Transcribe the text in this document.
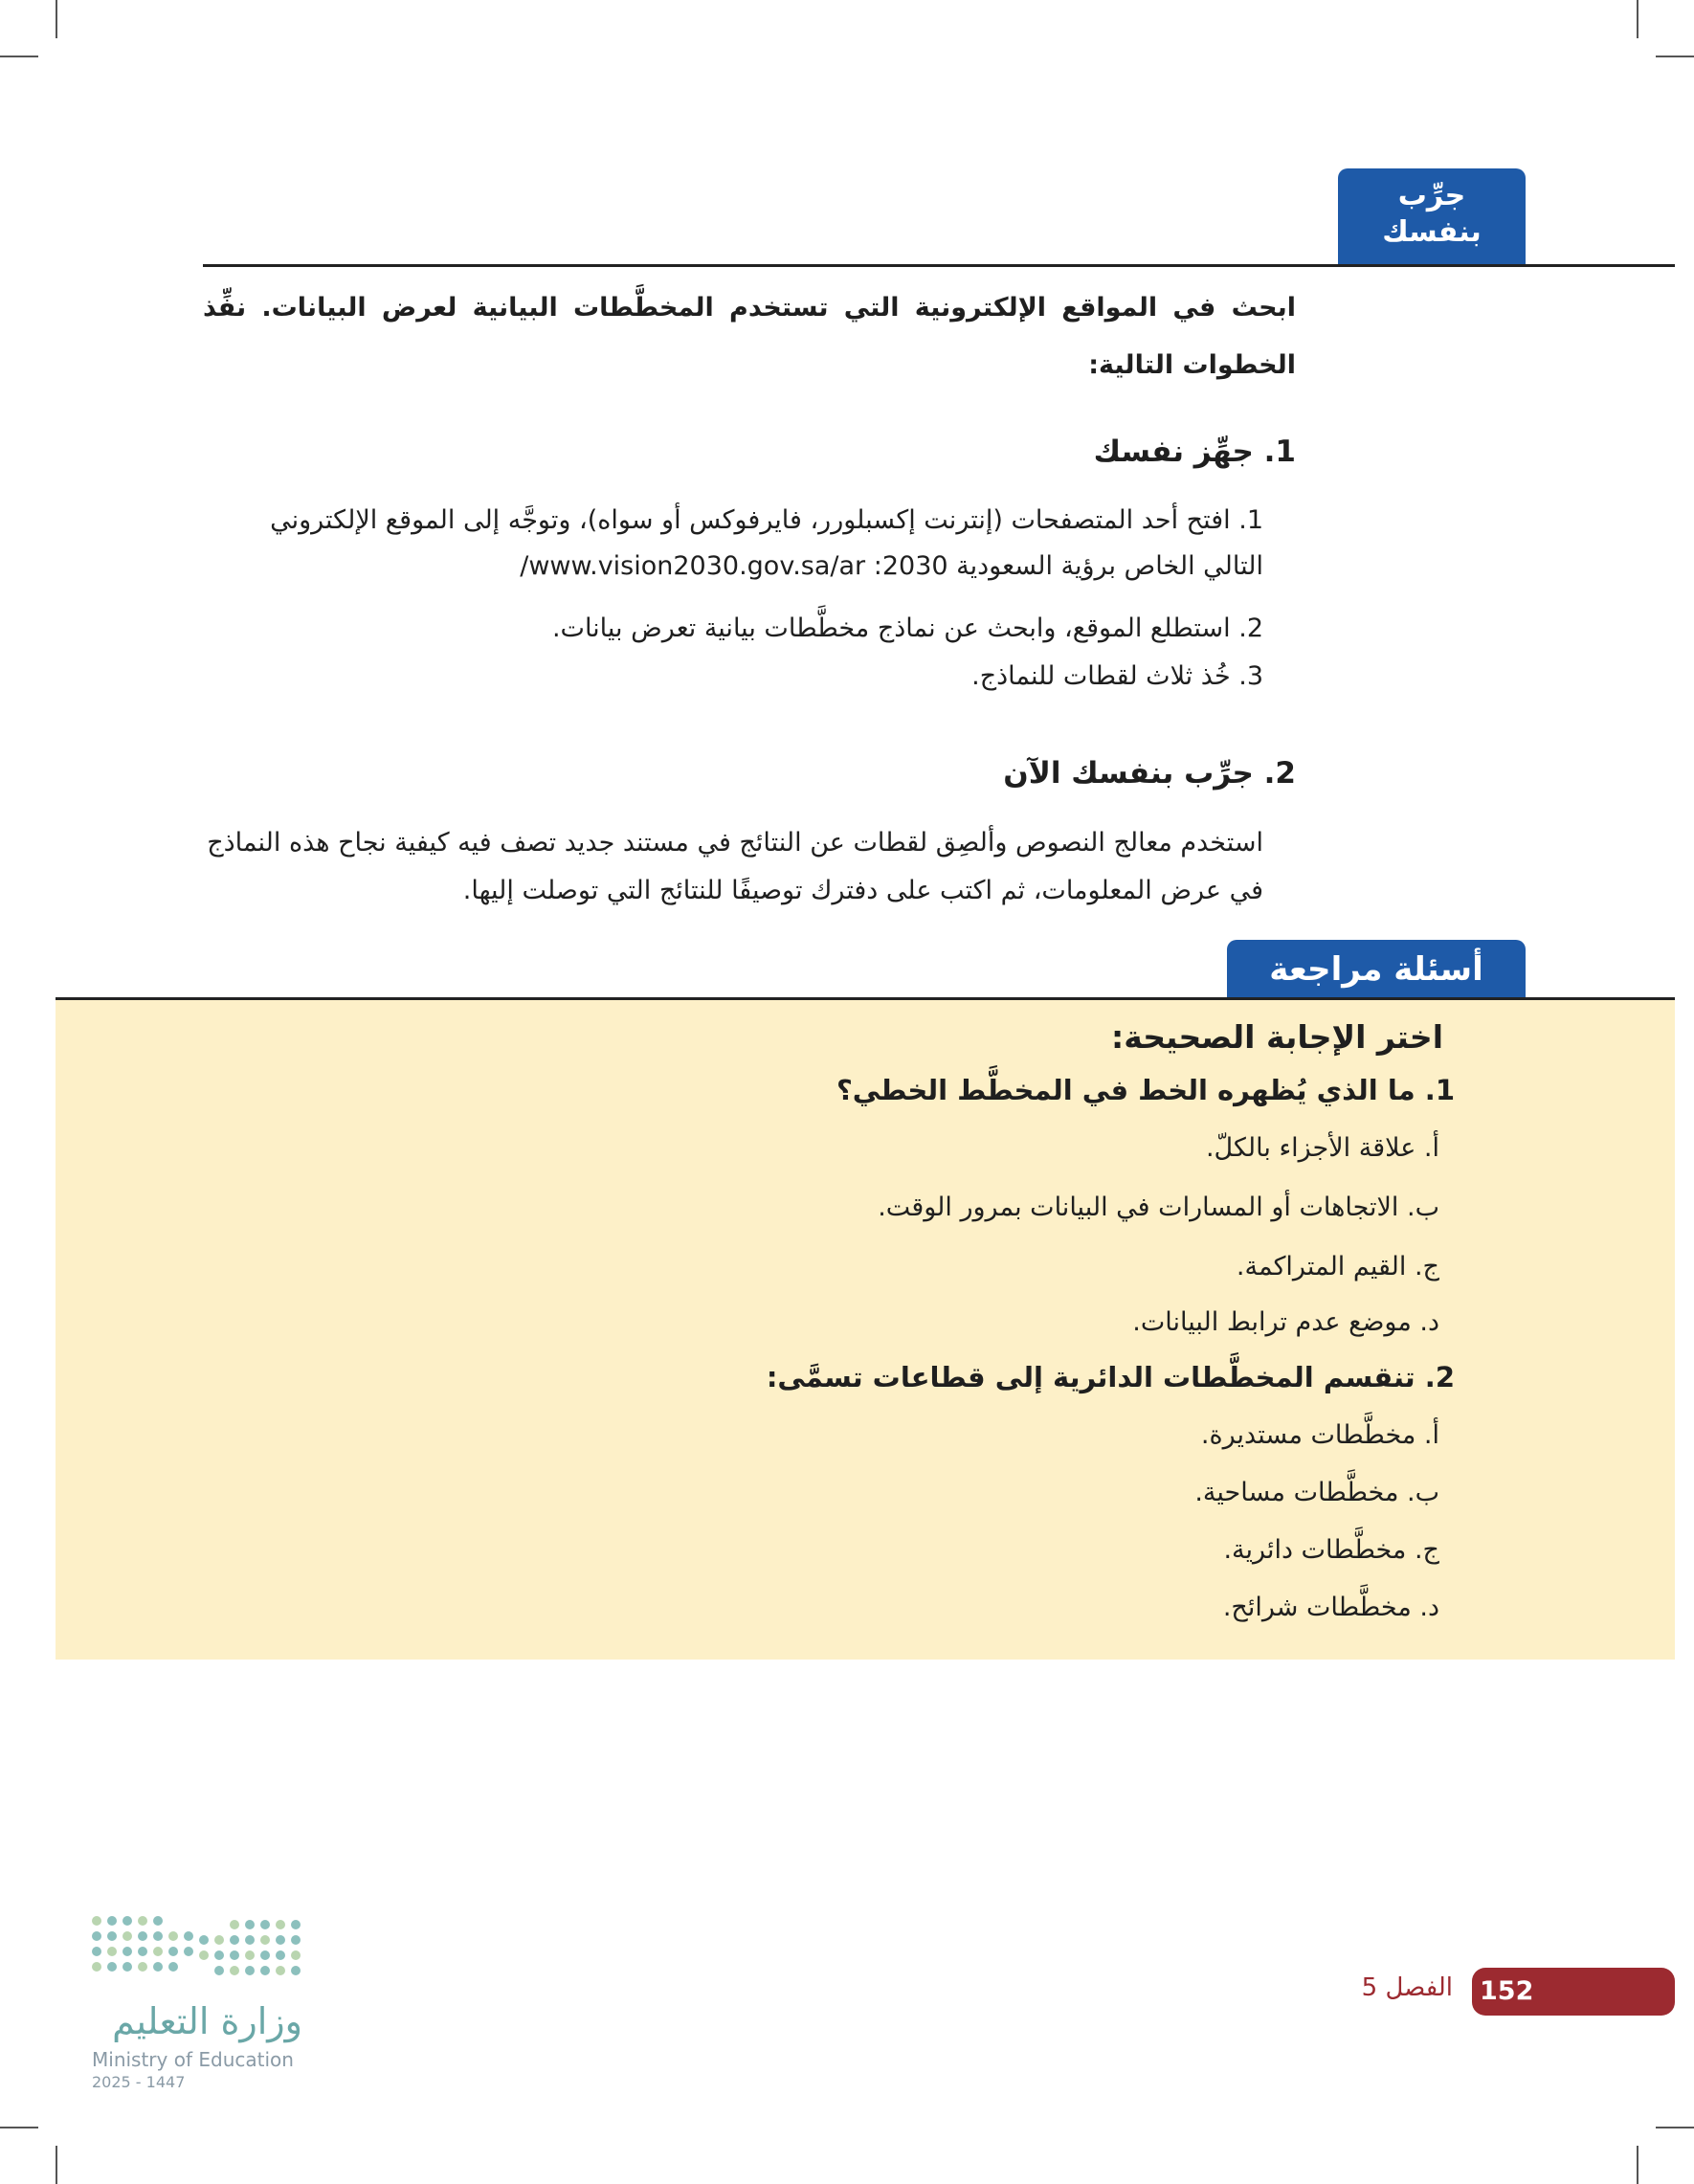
جرِّب
بنفسك
ابحث في المواقع الإلكترونية التي تستخدم المخطَّطات البيانية لعرض البيانات. نفِّذ الخطوات التالية:
1. جهِّز نفسك
1. افتح أحد المتصفحات (إنترنت إكسبلورر، فايرفوكس أو سواه)، وتوجَّه إلى الموقع الإلكتروني التالي الخاص برؤية السعودية 2030: www.vision2030.gov.sa/ar/
2. استطلع الموقع، وابحث عن نماذج مخطَّطات بيانية تعرض بيانات.
3. خُذ ثلاث لقطات للنماذج.
2. جرِّب بنفسك الآن
استخدم معالج النصوص وألصِق لقطات عن النتائج في مستند جديد تصف فيه كيفية نجاح هذه النماذج في عرض المعلومات، ثم اكتب على دفترك توصيفًا للنتائج التي توصلت إليها.
أسئلة مراجعة
اختر الإجابة الصحيحة:
1. ما الذي يُظهره الخط في المخطَّط الخطي؟
أ. علاقة الأجزاء بالكلّ.
ب. الاتجاهات أو المسارات في البيانات بمرور الوقت.
ج. القيم المتراكمة.
د. موضع عدم ترابط البيانات.
2. تنقسم المخطَّطات الدائرية إلى قطاعات تسمَّى:
أ. مخطَّطات مستديرة.
ب. مخطَّطات مساحية.
ج. مخطَّطات دائرية.
د. مخطَّطات شرائح.
152
الفصل 5
وزارة التعليم
Ministry of Education
2025 - 1447
